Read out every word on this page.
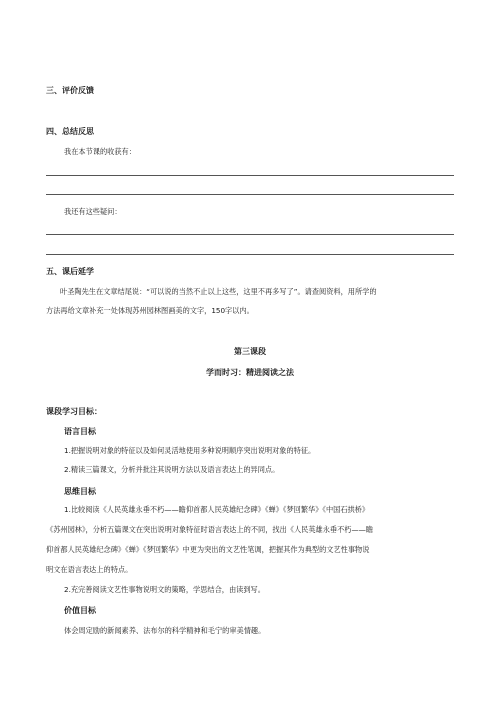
三、评价反馈
四、总结反思
我在本节课的收获有：
我还有这些疑问：
五、课后延学
叶圣陶先生在文章结尾说：“可以说的当然不止以上这些，这里不再多写了”。请查阅资料，用所学的
方法再给文章补充一处体现苏州园林图画美的文字，150字以内。
第三课段
学而时习：精进阅读之法
课段学习目标：
语言目标
1.把握说明对象的特征以及如何灵活地使用多种说明顺序突出说明对象的特征。
2.精读三篇课文，分析并批注其说明方法以及语言表达上的异同点。
思维目标
1.比较阅读《人民英雄永垂不朽——瞻仰首都人民英雄纪念碑》《蝉》《梦回繁华》《中国石拱桥》
《苏州园林》，分析五篇课文在突出说明对象特征时语言表达上的不同，找出《人民英雄永垂不朽——瞻
仰首都人民英雄纪念碑》《蝉》《梦回繁华》中更为突出的文艺性笔调，把握其作为典型的文艺性事物说
明文在语言表达上的特点。
2.充完善阅读文艺性事物说明文的策略，学思结合，由读到写。
价值目标
体会周定励的新闻素养、法布尔的科学精神和毛宁的审美情趣。
